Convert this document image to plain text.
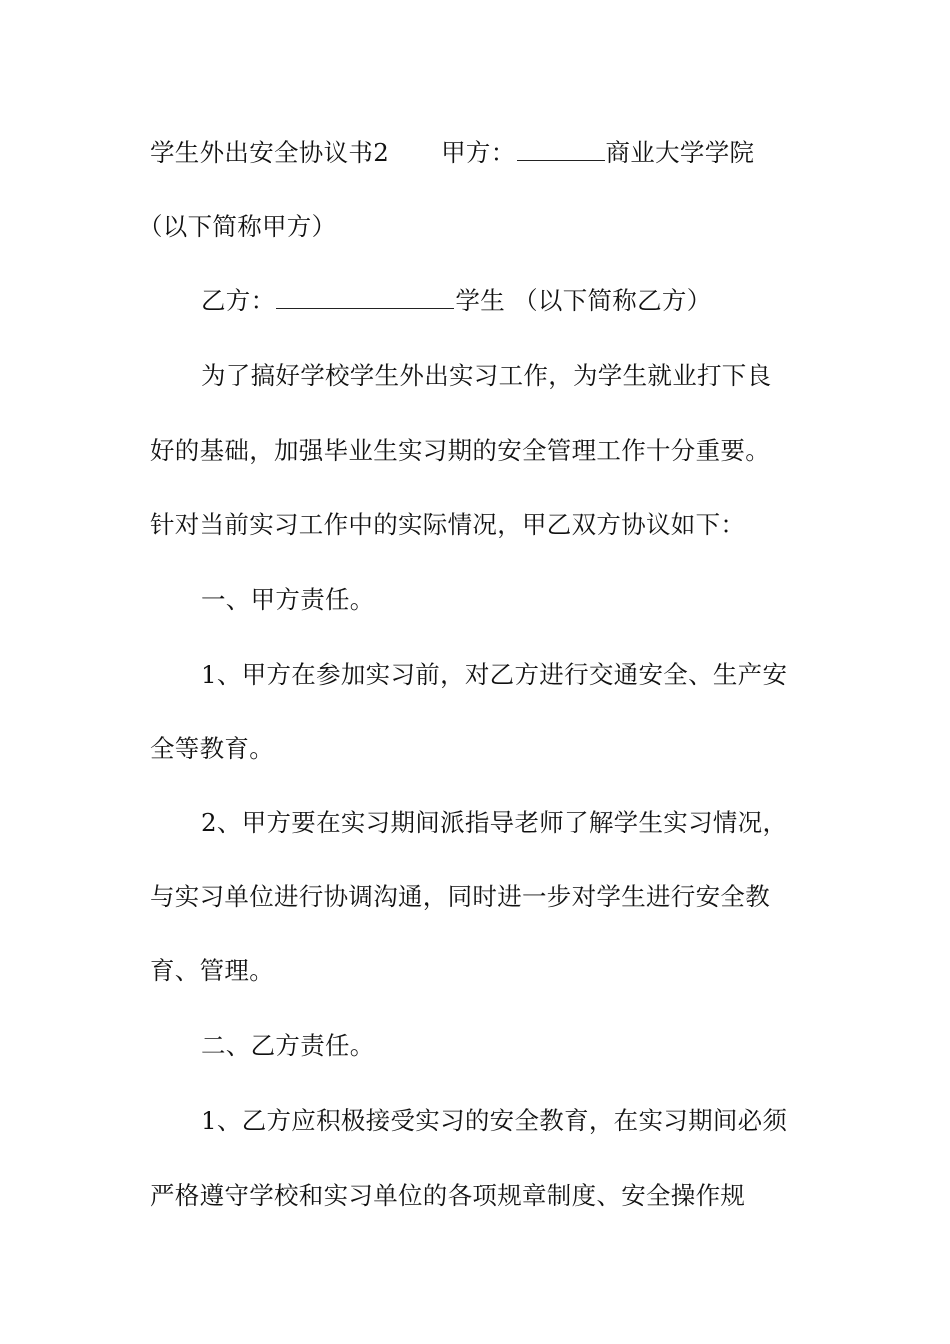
学生外出安全协议书2 甲方：	商业大学学院
（以下简称甲方）
乙方：	学生 （以下简称乙方）
为了搞好学校学生外出实习工作，为学生就业打下良
好的基础，加强毕业生实习期的安全管理工作十分重要。
针对当前实习工作中的实际情况，甲乙双方协议如下：
一、甲方责任。
1、甲方在参加实习前，对乙方进行交通安全、生产安
全等教育。
2、甲方要在实习期间派指导老师了解学生实习情况，
与实习单位进行协调沟通，同时进一步对学生进行安全教
育、管理。
二、乙方责任。
1、乙方应积极接受实习的安全教育，在实习期间必须
严格遵守学校和实习单位的各项规章制度、安全操作规
